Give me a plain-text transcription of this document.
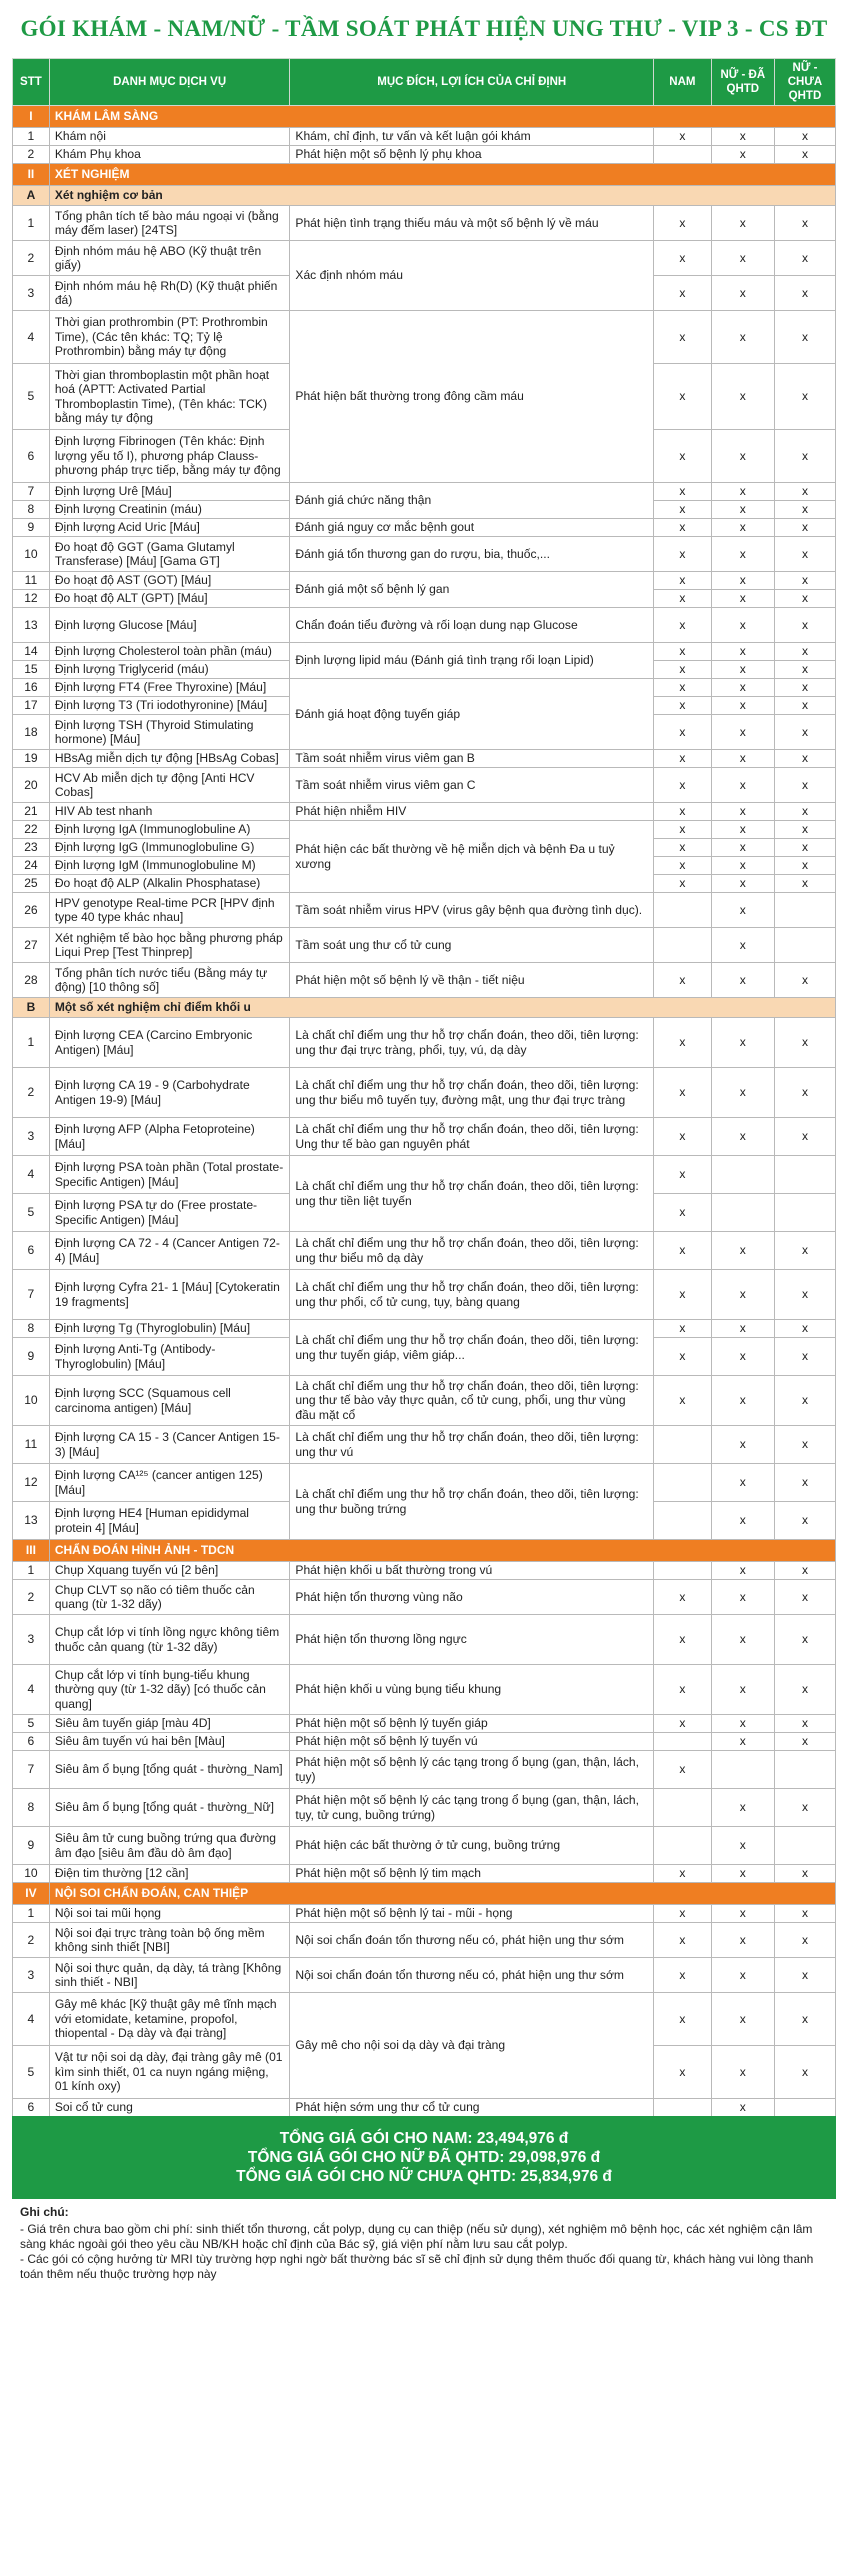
GÓI KHÁM - NAM/NỮ - TẦM SOÁT PHÁT HIỆN UNG THƯ - VIP 3 - CS ĐT
STT	DANH MỤC DỊCH VỤ	MỤC ĐÍCH, LỢI ÍCH CỦA CHỈ ĐỊNH	NAM	NỮ - ĐÃ QHTD	NỮ - CHƯA QHTD
I	KHÁM LÂM SÀNG				
1	Khám nội	Khám, chỉ định, tư vấn và kết luận gói khám	x	x	x
2	Khám Phụ khoa	Phát hiện một số bệnh lý phụ khoa		x	x
II	XÉT NGHIỆM				
A	Xét nghiệm cơ bản				
1	Tổng phân tích tế bào máu ngoại vi (bằng máy đếm laser) [24TS]	Phát hiện tình trạng thiếu máu và một số bệnh lý về máu	x	x	x
2	Định nhóm máu hệ ABO (Kỹ thuật trên giấy)	Xác định nhóm máu	x	x	x
3	Định nhóm máu hệ Rh(D) (Kỹ thuật phiến đá)		x	x	x
4	Thời gian prothrombin (PT: Prothrombin Time), (Các tên khác: TQ; Tỷ lệ Prothrombin) bằng máy tự động	Phát hiện bất thường trong đông cầm máu	x	x	x
5	Thời gian thromboplastin một phần hoạt hoá (APTT: Activated Partial Thromboplastin Time), (Tên khác: TCK) bằng máy tự động		x	x	x
6	Định lượng Fibrinogen (Tên khác: Định lượng yếu tố I), phương pháp Clauss- phương pháp trực tiếp, bằng máy tự động		x	x	x
7	Định lượng Urê [Máu]	Đánh giá chức năng thận	x	x	x
8	Định lượng Creatinin (máu)		x	x	x
9	Định lượng Acid Uric [Máu]	Đánh giá nguy cơ mắc bệnh gout	x	x	x
10	Đo hoạt độ GGT (Gama Glutamyl Transferase) [Máu] [Gama GT]	Đánh giá tổn thương gan do rượu, bia, thuốc,...	x	x	x
11	Đo hoạt độ AST (GOT) [Máu]	Đánh giá một số bệnh lý gan	x	x	x
12	Đo hoạt độ ALT (GPT) [Máu]		x	x	x
13	Định lượng Glucose [Máu]	Chẩn đoán tiểu đường và rối loạn dung nạp Glucose	x	x	x
14	Định lượng Cholesterol toàn phần (máu)	Định lượng lipid máu (Đánh giá tình trạng rối loạn Lipid)	x	x	x
15	Định lượng Triglycerid (máu)		x	x	x
16	Định lượng FT4 (Free Thyroxine) [Máu]	Đánh giá hoạt động tuyến giáp	x	x	x
17	Định lượng T3 (Tri iodothyronine) [Máu]		x	x	x
18	Định lượng TSH (Thyroid Stimulating hormone) [Máu]		x	x	x
19	HBsAg miễn dịch tự động [HBsAg Cobas]	Tầm soát nhiễm virus viêm gan B	x	x	x
20	HCV Ab miễn dịch tự động [Anti HCV Cobas]	Tầm soát nhiễm virus viêm gan C	x	x	x
21	HIV Ab test nhanh	Phát hiện nhiễm HIV	x	x	x
22	Định lượng IgA (Immunoglobuline A)	Phát hiện các bất thường về hệ miễn dịch và bệnh Đa u tuỷ xương	x	x	x
23	Định lượng IgG (Immunoglobuline G)		x	x	x
24	Định lượng IgM (Immunoglobuline M)		x	x	x
25	Đo hoạt độ ALP (Alkalin Phosphatase)		x	x	x
26	HPV genotype Real-time PCR [HPV định type 40 type khác nhau]	Tầm soát nhiễm virus HPV (virus gây bệnh qua đường tình dục).		x	
27	Xét nghiệm tế bào học bằng phương pháp Liqui Prep [Test Thinprep]	Tầm soát ung thư cổ tử cung		x	
28	Tổng phân tích nước tiểu (Bằng máy tự động) [10 thông số]	Phát hiện một số bệnh lý về thận - tiết niệu	x	x	x
B	Một số xét nghiệm chỉ điểm khối u				
1	Định lượng CEA (Carcino Embryonic Antigen) [Máu]	Là chất chỉ điểm ung thư hỗ trợ chẩn đoán, theo dõi, tiên lượng: ung thư đại trực tràng, phổi, tụy, vú, dạ dày	x	x	x
2	Định lượng CA 19 - 9 (Carbohydrate Antigen 19-9) [Máu]	Là chất chỉ điểm ung thư hỗ trợ chẩn đoán, theo dõi, tiên lượng: ung thư biểu mô tuyến tụy, đường mật, ung thư đại trực tràng	x	x	x
3	Định lượng AFP (Alpha Fetoproteine) [Máu]	Là chất chỉ điểm ung thư hỗ trợ chẩn đoán, theo dõi, tiên lượng: Ung thư tế bào gan nguyên phát	x	x	x
4	Định lượng PSA toàn phần (Total prostate-Specific Antigen) [Máu]	Là chất chỉ điểm ung thư hỗ trợ chẩn đoán, theo dõi, tiên lượng: ung thư tiền liệt tuyến	x		
5	Định lượng PSA tự do (Free prostate-Specific Antigen) [Máu]		x		
6	Định lượng CA 72 - 4 (Cancer Antigen 72-4) [Máu]	Là chất chỉ điểm ung thư hỗ trợ chẩn đoán, theo dõi, tiên lượng: ung thư biểu mô dạ dày	x	x	x
7	Định lượng Cyfra 21- 1 [Máu] [Cytokeratin 19 fragments]	Là chất chỉ điểm ung thư hỗ trợ chẩn đoán, theo dõi, tiên lượng: ung thư phổi, cổ tử cung, tụy, bàng quang	x	x	x
8	Định lượng Tg (Thyroglobulin) [Máu]	Là chất chỉ điểm ung thư hỗ trợ chẩn đoán, theo dõi, tiên lượng: ung thư tuyến giáp, viêm giáp...	x	x	x
9	Định lượng Anti-Tg (Antibody- Thyroglobulin) [Máu]		x	x	x
10	Định lượng SCC (Squamous cell carcinoma antigen) [Máu]	Là chất chỉ điểm ung thư hỗ trợ chẩn đoán, theo dõi, tiên lượng: ung thư tế bào vảy thực quản, cổ tử cung, phổi, ung thư vùng đầu mặt cổ	x	x	x
11	Định lượng CA 15 - 3 (Cancer Antigen 15- 3) [Máu]	Là chất chỉ điểm ung thư hỗ trợ chẩn đoán, theo dõi, tiên lượng: ung thư vú		x	x
12	Định lượng CA¹²⁵ (cancer antigen 125) [Máu]	Là chất chỉ điểm ung thư hỗ trợ chẩn đoán, theo dõi, tiên lượng: ung thư buồng trứng		x	x
13	Định lượng HE4 [Human epididymal protein 4] [Máu]			x	x
III	CHẨN ĐOÁN HÌNH ẢNH - TDCN				
1	Chụp Xquang tuyến vú [2 bên]	Phát hiện khối u bất thường trong vú		x	x
2	Chụp CLVT sọ não có tiêm thuốc cản quang (từ 1-32 dãy)	Phát hiện tổn thương vùng não	x	x	x
3	Chụp cắt lớp vi tính lồng ngực không tiêm thuốc cản quang (từ 1-32 dãy)	Phát hiện tổn thương lồng ngực	x	x	x
4	Chụp cắt lớp vi tính bụng-tiểu khung thường quy (từ 1-32 dãy) [có thuốc cản quang]	Phát hiện khối u vùng bụng tiểu khung	x	x	x
5	Siêu âm tuyến giáp [màu 4D]	Phát hiện một số bệnh lý tuyến giáp	x	x	x
6	Siêu âm tuyến vú hai bên [Màu]	Phát hiện một số bệnh lý tuyến vú		x	x
7	Siêu âm ổ bụng [tổng quát - thường_Nam]	Phát hiện một số bệnh lý các tạng trong ổ bụng (gan, thận, lách, tụy)	x		
8	Siêu âm ổ bụng [tổng quát - thường_Nữ]	Phát hiện một số bệnh lý các tạng trong ổ bụng (gan, thận, lách, tụy, tử cung, buồng trứng)		x	x
9	Siêu âm tử cung buồng trứng qua đường âm đạo [siêu âm đầu dò âm đạo]	Phát hiện các bất thường ở tử cung, buồng trứng		x	
10	Điện tim thường [12 cần]	Phát hiện một số bệnh lý tim mạch	x	x	x
IV	NỘI SOI CHẨN ĐOÁN, CAN THIỆP				
1	Nội soi tai mũi họng	Phát hiện một số bệnh lý tai - mũi - họng	x	x	x
2	Nội soi đại trực tràng toàn bộ ống mềm không sinh thiết [NBI]	Nội soi chẩn đoán tổn thương nếu có, phát hiện ung thư sớm	x	x	x
3	Nội soi thực quản, dạ dày, tá tràng [Không sinh thiết - NBI]	Nội soi chẩn đoán tổn thương nếu có, phát hiện ung thư sớm	x	x	x
4	Gây mê khác [Kỹ thuật gây mê tĩnh mạch với etomidate, ketamine, propofol, thiopental - Dạ dày và đại tràng]	Gây mê cho nội soi dạ dày và đại tràng	x	x	x
5	Vật tư nội soi dạ dày, đại tràng gây mê (01 kìm sinh thiết, 01 ca nuyn ngáng miệng, 01 kính oxy)		x	x	x
6	Soi cổ tử cung	Phát hiện sớm ung thư cổ tử cung		x	
TỔNG GIÁ GÓI CHO NAM: 23,494,976 đ
TỔNG GIÁ GÓI CHO NỮ ĐÃ QHTD: 29,098,976 đ
TỔNG GIÁ GÓI CHO NỮ CHƯA QHTD: 25,834,976 đ
Ghi chú:
- Giá trên chưa bao gồm chi phí: sinh thiết tổn thương, cắt polyp, dụng cụ can thiệp (nếu sử dụng), xét nghiệm mô bệnh học, các xét nghiệm cận lâm sàng khác ngoài gói theo yêu cầu NB/KH hoặc chỉ định của Bác sỹ, giá viện phí nằm lưu sau cắt polyp.
- Các gói có cộng hưởng từ MRI tùy trường hợp nghi ngờ bất thường bác sĩ sẽ chỉ định sử dụng thêm thuốc đối quang từ, khách hàng vui lòng thanh toán thêm nếu thuộc trường hợp này
